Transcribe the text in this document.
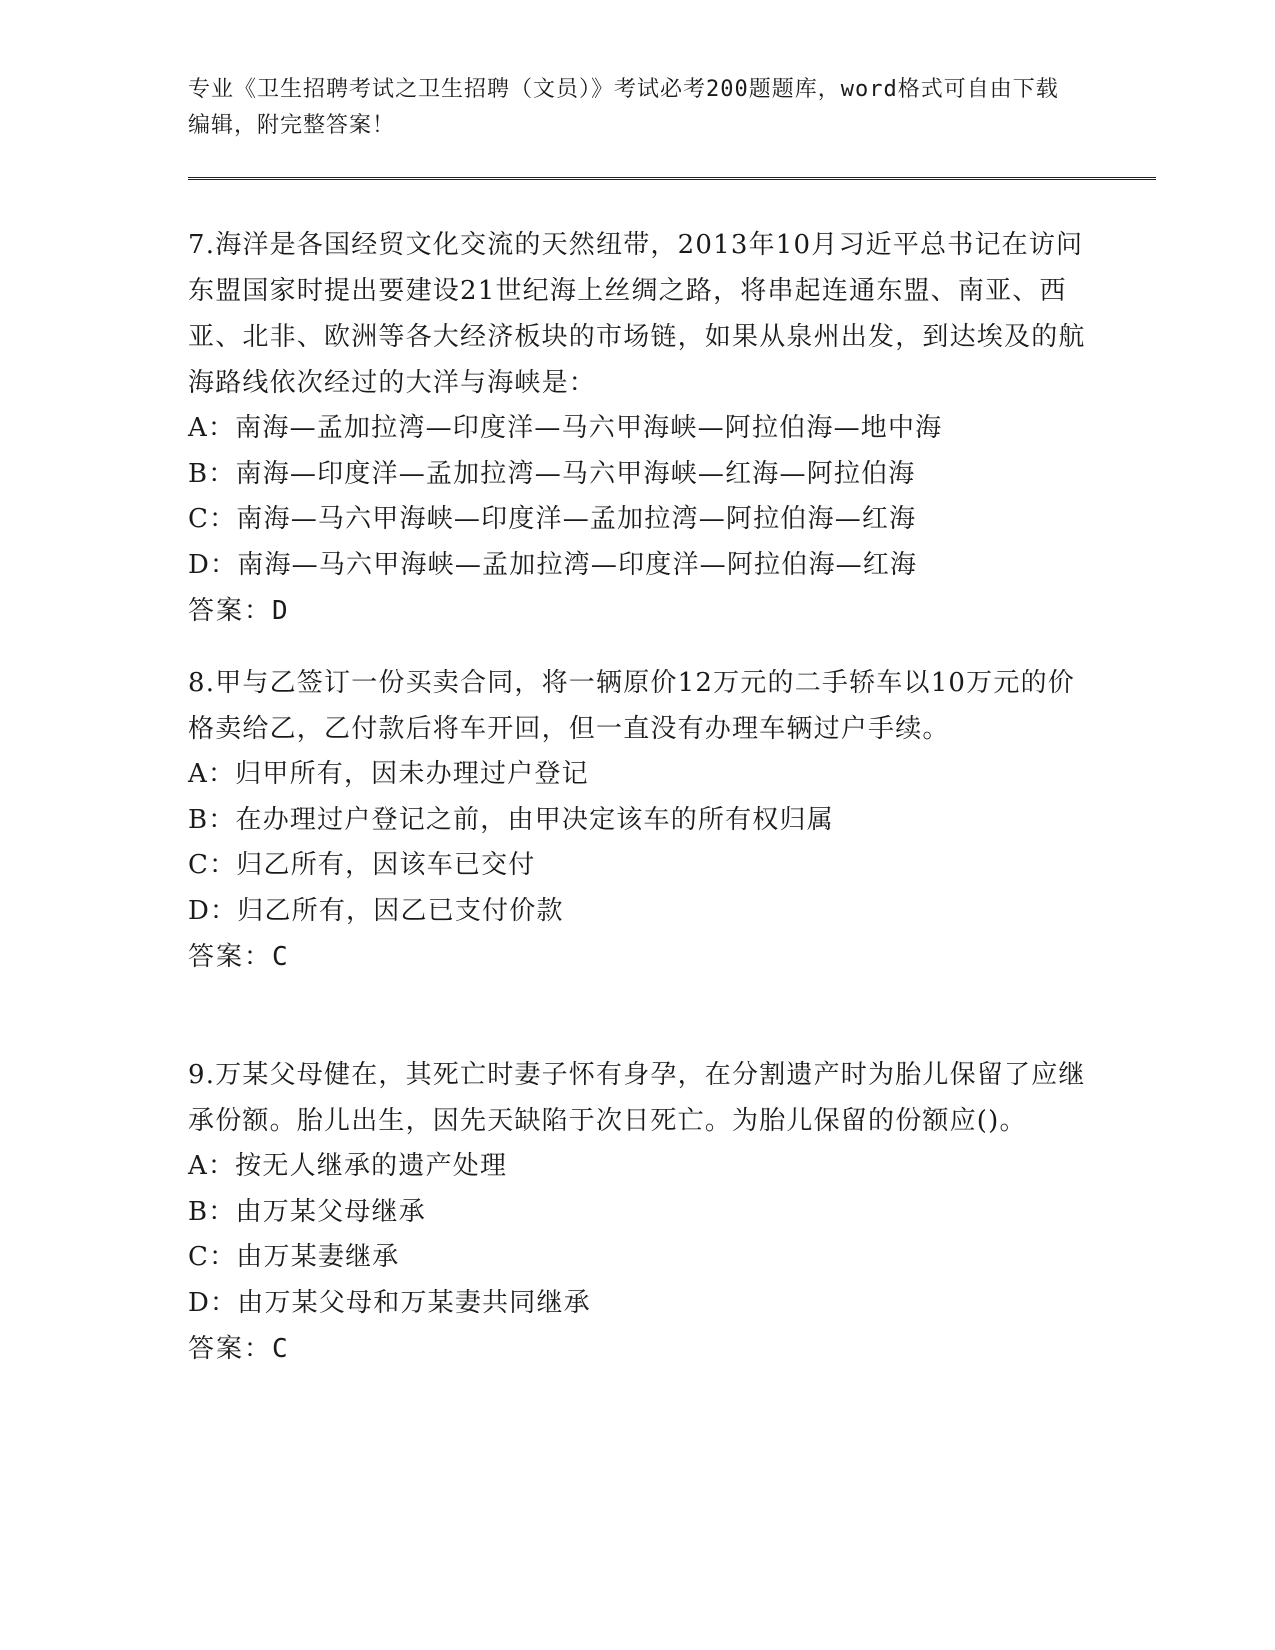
专业《卫生招聘考试之卫生招聘（文员）》考试必考200题题库，word格式可自由下载编辑，附完整答案！

7.海洋是各国经贸文化交流的天然纽带，2013年10月习近平总书记在访问东盟国家时提出要建设21世纪海上丝绸之路，将串起连通东盟、南亚、西亚、北非、欧洲等各大经济板块的市场链，如果从泉州出发，到达埃及的航海路线依次经过的大洋与海峡是：

A：南海—孟加拉湾—印度洋—马六甲海峡—阿拉伯海—地中海

B：南海—印度洋—孟加拉湾—马六甲海峡—红海—阿拉伯海

C：南海—马六甲海峡—印度洋—孟加拉湾—阿拉伯海—红海

D：南海—马六甲海峡—孟加拉湾—印度洋—阿拉伯海—红海

答案：D

8.甲与乙签订一份买卖合同，将一辆原价12万元的二手轿车以10万元的价格卖给乙，乙付款后将车开回，但一直没有办理车辆过户手续。

A：归甲所有，因未办理过户登记

B：在办理过户登记之前，由甲决定该车的所有权归属

C：归乙所有，因该车已交付

D：归乙所有，因乙已支付价款

答案：C

9.万某父母健在，其死亡时妻子怀有身孕，在分割遗产时为胎儿保留了应继承份额。胎儿出生，因先天缺陷于次日死亡。为胎儿保留的份额应()。

A：按无人继承的遗产处理

B：由万某父母继承

C：由万某妻继承

D：由万某父母和万某妻共同继承

答案：C
